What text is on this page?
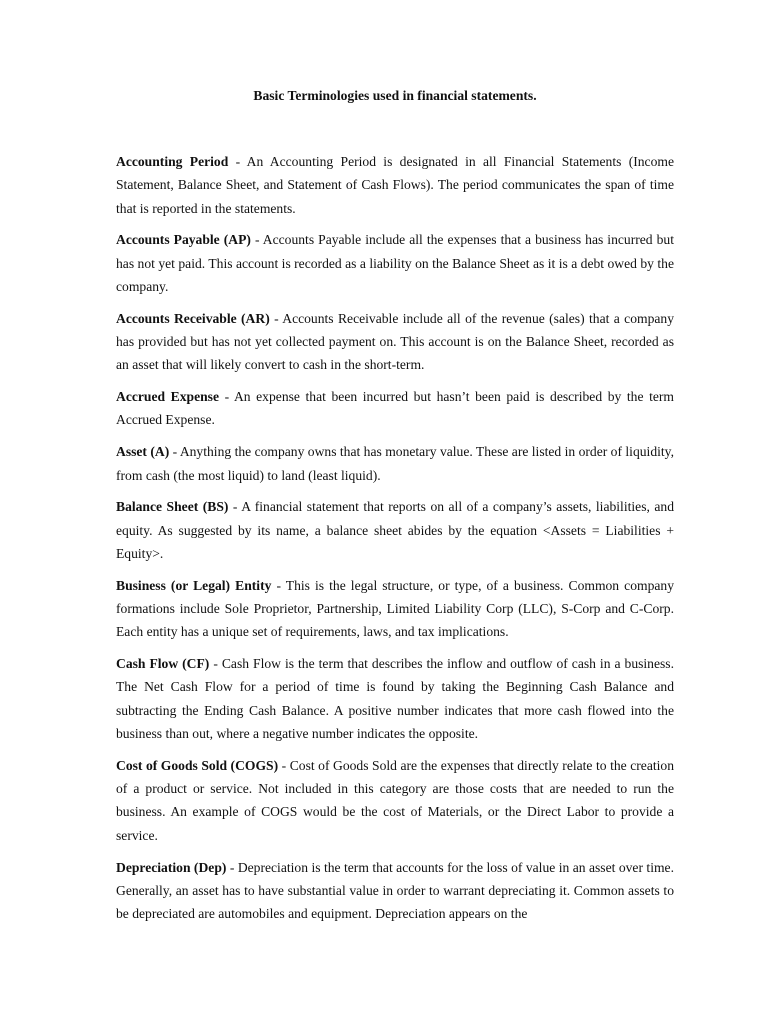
Basic Terminologies used in financial statements.

Accounting Period - An Accounting Period is designated in all Financial Statements (Income Statement, Balance Sheet, and Statement of Cash Flows). The period communicates the span of time that is reported in the statements.

Accounts Payable (AP) - Accounts Payable include all the expenses that a business has incurred but has not yet paid. This account is recorded as a liability on the Balance Sheet as it is a debt owed by the company.

Accounts Receivable (AR) - Accounts Receivable include all of the revenue (sales) that a company has provided but has not yet collected payment on. This account is on the Balance Sheet, recorded as an asset that will likely convert to cash in the short-term.

Accrued Expense - An expense that been incurred but hasn’t been paid is described by the term Accrued Expense.

Asset (A) - Anything the company owns that has monetary value. These are listed in order of liquidity, from cash (the most liquid) to land (least liquid).

Balance Sheet (BS) - A financial statement that reports on all of a company’s assets, liabilities, and equity. As suggested by its name, a balance sheet abides by the equation <Assets = Liabilities + Equity>.

Business (or Legal) Entity - This is the legal structure, or type, of a business. Common company formations include Sole Proprietor, Partnership, Limited Liability Corp (LLC), S-Corp and C-Corp. Each entity has a unique set of requirements, laws, and tax implications.

Cash Flow (CF) - Cash Flow is the term that describes the inflow and outflow of cash in a business. The Net Cash Flow for a period of time is found by taking the Beginning Cash Balance and subtracting the Ending Cash Balance. A positive number indicates that more cash flowed into the business than out, where a negative number indicates the opposite.

Cost of Goods Sold (COGS) - Cost of Goods Sold are the expenses that directly relate to the creation of a product or service. Not included in this category are those costs that are needed to run the business. An example of COGS would be the cost of Materials, or the Direct Labor to provide a service.

Depreciation (Dep) - Depreciation is the term that accounts for the loss of value in an asset over time. Generally, an asset has to have substantial value in order to warrant depreciating it. Common assets to be depreciated are automobiles and equipment. Depreciation appears on the
